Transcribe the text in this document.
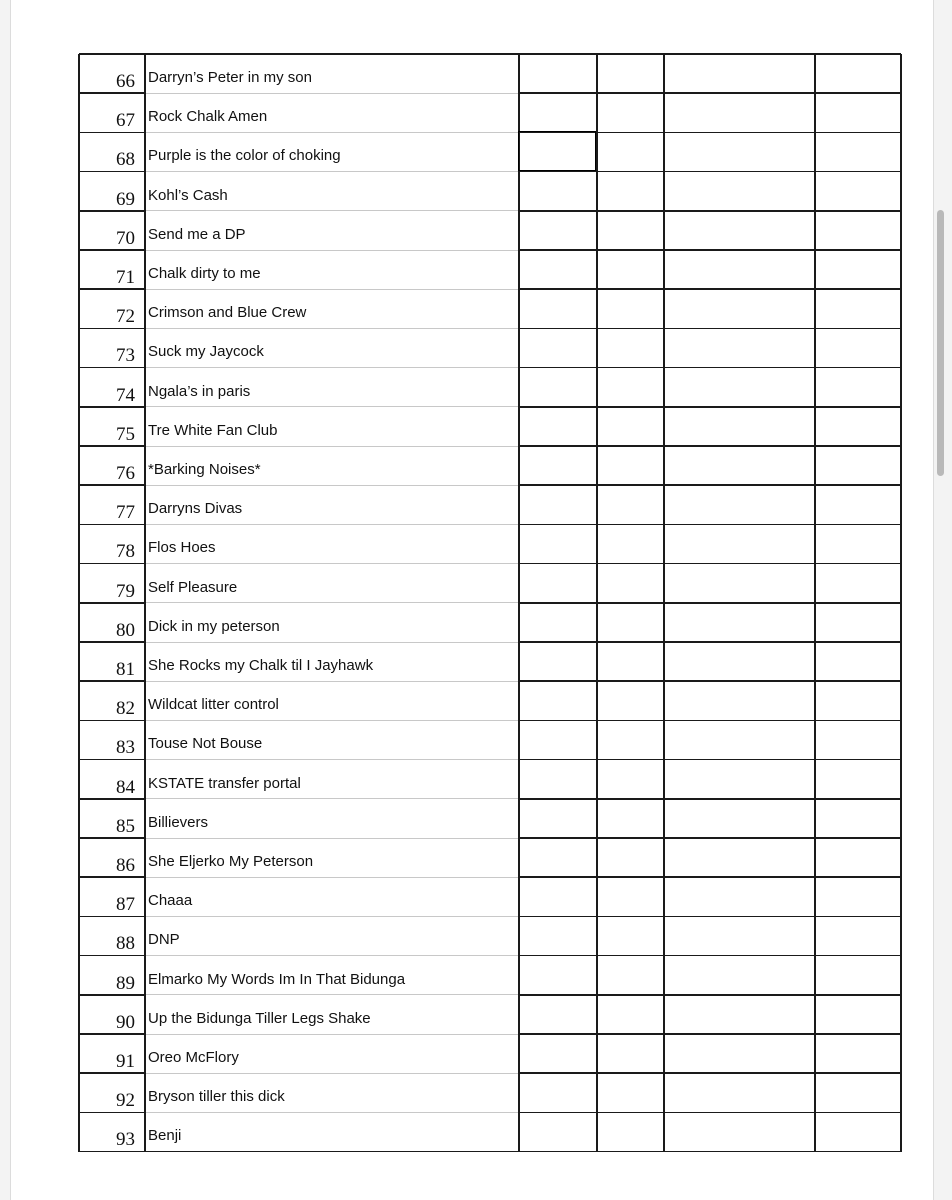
66 Darryn’s Peter in my son
67 Rock Chalk Amen
68 Purple is the color of choking
69 Kohl’s Cash
70 Send me a DP
71 Chalk dirty to me
72 Crimson and Blue Crew
73 Suck my Jaycock
74 Ngala’s in paris
75 Tre White Fan Club
76 *Barking Noises*
77 Darryns Divas
78 Flos Hoes
79 Self Pleasure
80 Dick in my peterson
81 She Rocks my Chalk til I Jayhawk
82 Wildcat litter control
83 Touse Not Bouse
84 KSTATE transfer portal
85 Billievers
86 She Eljerko My Peterson
87 Chaaa
88 DNP
89 Elmarko My Words Im In That Bidunga
90 Up the Bidunga Tiller Legs Shake
91 Oreo McFlory
92 Bryson tiller this dick
93 Benji
